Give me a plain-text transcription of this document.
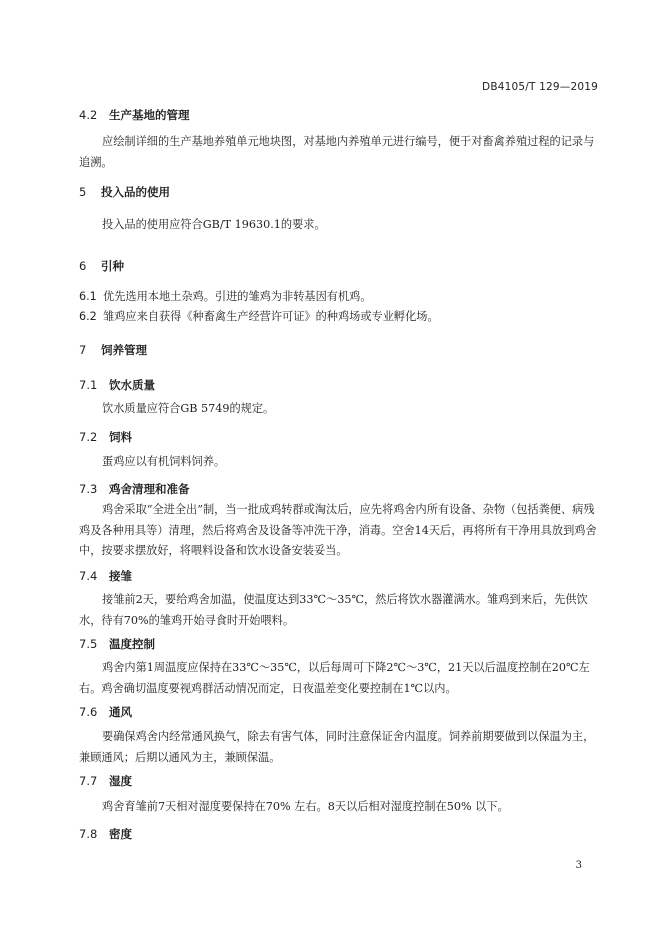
DB4105/T 129—2019
4.2 生产基地的管理
应绘制详细的生产基地养殖单元地块图，对基地内养殖单元进行编号，便于对畜禽养殖过程的记录与追溯。
5 投入品的使用
投入品的使用应符合GB/T 19630.1的要求。
6 引种
6.1 优先选用本地土杂鸡。引进的雏鸡为非转基因有机鸡。
6.2 雏鸡应来自获得《种畜禽生产经营许可证》的种鸡场或专业孵化场。
7 饲养管理
7.1 饮水质量
饮水质量应符合GB 5749的规定。
7.2 饲料
蛋鸡应以有机饲料饲养。
7.3 鸡舍清理和准备
鸡舍采取“全进全出”制，当一批成鸡转群或淘汰后，应先将鸡舍内所有设备、杂物（包括粪便、病残鸡及各种用具等）清理，然后将鸡舍及设备等冲洗干净，消毒。空舍14天后，再将所有干净用具放到鸡舍中，按要求摆放好，将喂料设备和饮水设备安装妥当。
7.4 接雏
接雏前2天，要给鸡舍加温，使温度达到33℃～35℃，然后将饮水器灌满水。雏鸡到来后，先供饮水，待有70%的雏鸡开始寻食时开始喂料。
7.5 温度控制
鸡舍内第1周温度应保持在33℃～35℃，以后每周可下降2℃～3℃，21天以后温度控制在20℃左右。鸡舍确切温度要视鸡群活动情况而定，日夜温差变化要控制在1℃以内。
7.6 通风
要确保鸡舍内经常通风换气，除去有害气体，同时注意保证舍内温度。饲养前期要做到以保温为主，兼顾通风；后期以通风为主，兼顾保温。
7.7 湿度
鸡舍育雏前7天相对湿度要保持在70% 左右。8天以后相对湿度控制在50% 以下。
7.8 密度
3
